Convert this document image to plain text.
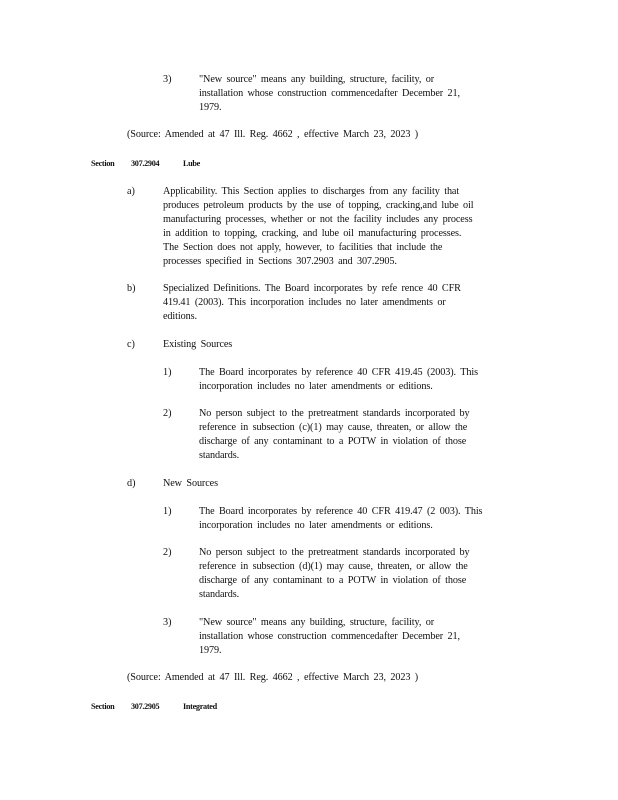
3)	"New source" means any building, structure, facility, or
installation whose construction commencedafter December 21,
1979.
(Source: Amended at 47 Ill. Reg. 4662 , effective March 23, 2023 )
Section 307.2904	Lube
a)	Applicability. This Section applies to discharges from any facility that
produces petroleum products by the use of topping, cracking,and lube oil
manufacturing processes, whether or not the facility includes any process
in addition to topping, cracking, and lube oil manufacturing processes.
The Section does not apply, however, to facilities that include the
processes specified in Sections 307.2903 and 307.2905.
b)	Specialized Definitions. The Board incorporates by refe rence 40 CFR
419.41 (2003). This incorporation includes no later amendments or
editions.
c)	Existing Sources
1)	The Board incorporates by reference 40 CFR 419.45 (2003). This
incorporation includes no later amendments or editions.
2)	No person subject to the pretreatment standards incorporated by
reference in subsection (c)(1) may cause, threaten, or allow the
discharge of any contaminant to a POTW in violation of those
standards.
d)	New Sources
1)	The Board incorporates by reference 40 CFR 419.47 (2 003). This
incorporation includes no later amendments or editions.
2)	No person subject to the pretreatment standards incorporated by
reference in subsection (d)(1) may cause, threaten, or allow the
discharge of any contaminant to a POTW in violation of those
standards.
3)	"New source" means any building, structure, facility, or
installation whose construction commencedafter December 21,
1979.
(Source: Amended at 47 Ill. Reg. 4662 , effective March 23, 2023 )
Section 307.2905	Integrated
